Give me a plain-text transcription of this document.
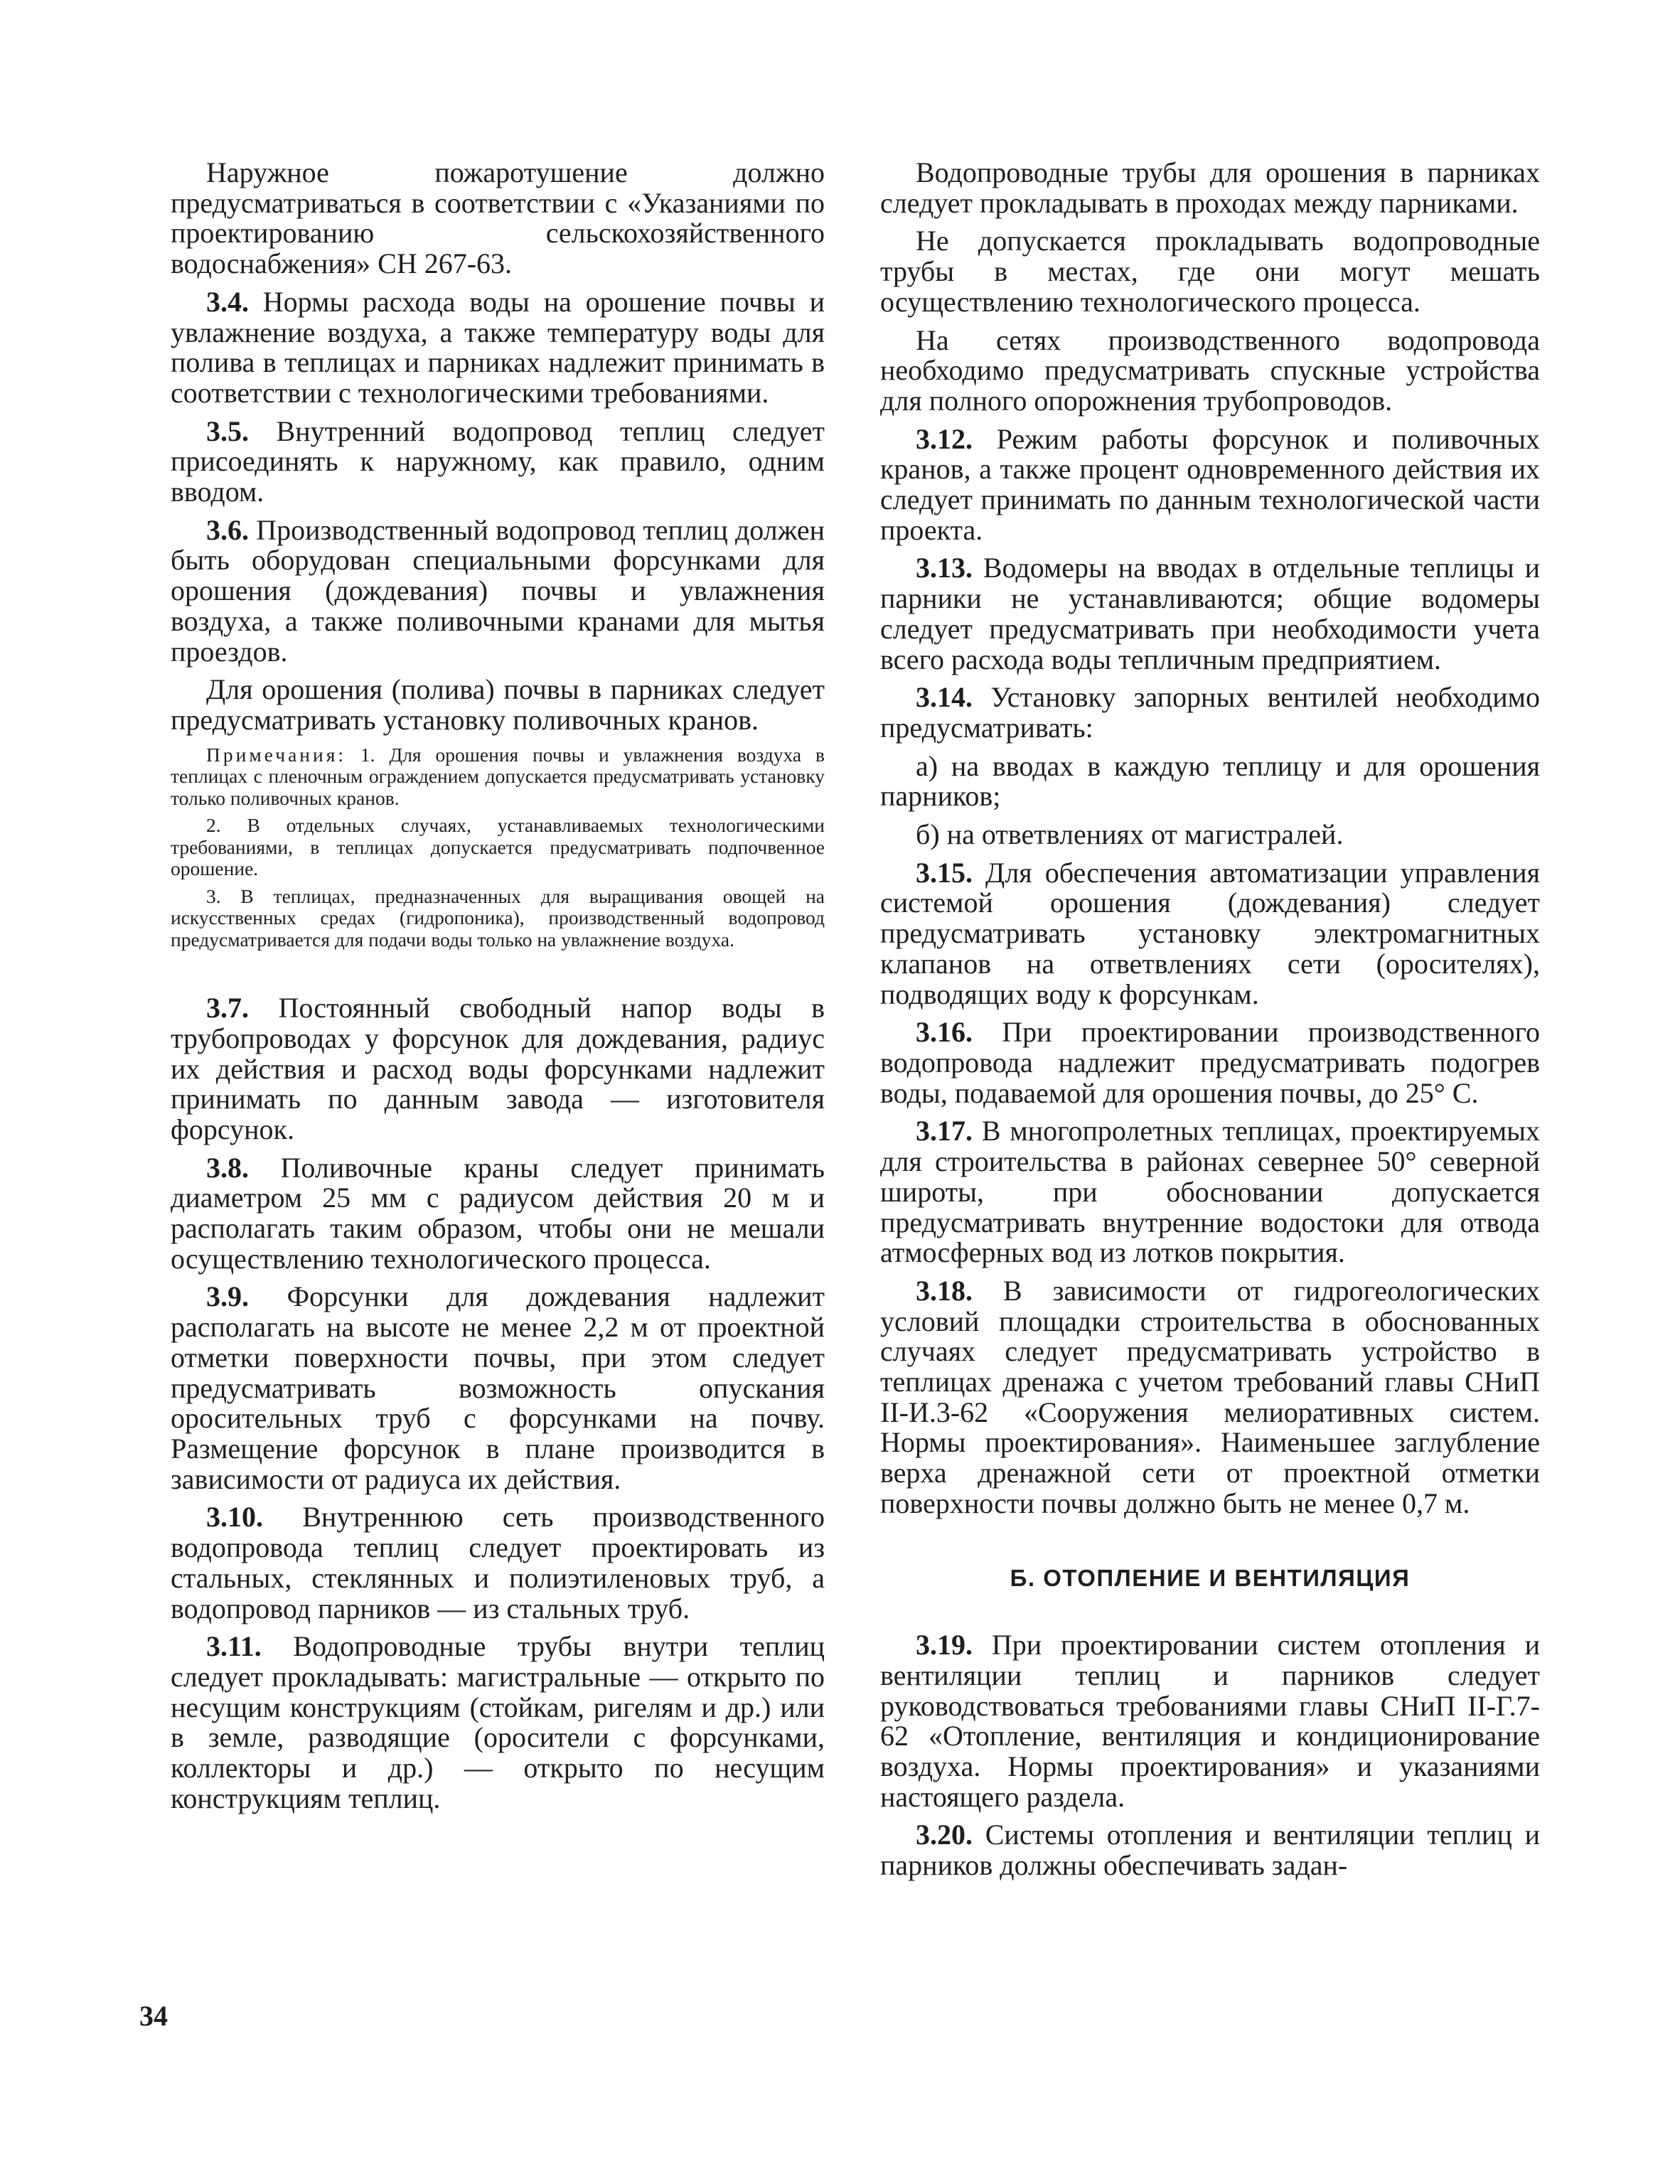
Наружное пожаротушение должно предусматриваться в соответствии с «Указаниями по проектированию сельскохозяйственного водоснабжения» СН 267-63.

3.4. Нормы расхода воды на орошение почвы и увлажнение воздуха, а также температуру воды для полива в теплицах и парниках надлежит принимать в соответствии с технологическими требованиями.

3.5. Внутренний водопровод теплиц следует присоединять к наружному, как правило, одним вводом.

3.6. Производственный водопровод теплиц должен быть оборудован специальными форсунками для орошения (дождевания) почвы и увлажнения воздуха, а также поливочными кранами для мытья проездов.

Для орошения (полива) почвы в парниках следует предусматривать установку поливочных кранов.

Примечания: 1. Для орошения почвы и увлажнения воздуха в теплицах с пленочным ограждением допускается предусматривать установку только поливочных кранов.

2. В отдельных случаях, устанавливаемых технологическими требованиями, в теплицах допускается предусматривать подпочвенное орошение.

3. В теплицах, предназначенных для выращивания овощей на искусственных средах (гидропоника), производственный водопровод предусматривается для подачи воды только на увлажнение воздуха.

3.7. Постоянный свободный напор воды в трубопроводах у форсунок для дождевания, радиус их действия и расход воды форсунками надлежит принимать по данным завода — изготовителя форсунок.

3.8. Поливочные краны следует принимать диаметром 25 мм с радиусом действия 20 м и располагать таким образом, чтобы они не мешали осуществлению технологического процесса.

3.9. Форсунки для дождевания надлежит располагать на высоте не менее 2,2 м от проектной отметки поверхности почвы, при этом следует предусматривать возможность опускания оросительных труб с форсунками на почву. Размещение форсунок в плане производится в зависимости от радиуса их действия.

3.10. Внутреннюю сеть производственного водопровода теплиц следует проектировать из стальных, стеклянных и полиэтиленовых труб, а водопровод парников — из стальных труб.

3.11. Водопроводные трубы внутри теплиц следует прокладывать: магистральные — открыто по несущим конструкциям (стойкам, ригелям и др.) или в земле, разводящие (оросители с форсунками, коллекторы и др.) — открыто по несущим конструкциям теплиц.

Водопроводные трубы для орошения в парниках следует прокладывать в проходах между парниками.

Не допускается прокладывать водопроводные трубы в местах, где они могут мешать осуществлению технологического процесса.

На сетях производственного водопровода необходимо предусматривать спускные устройства для полного опорожнения трубопроводов.

3.12. Режим работы форсунок и поливочных кранов, а также процент одновременного действия их следует принимать по данным технологической части проекта.

3.13. Водомеры на вводах в отдельные теплицы и парники не устанавливаются; общие водомеры следует предусматривать при необходимости учета всего расхода воды тепличным предприятием.

3.14. Установку запорных вентилей необходимо предусматривать:

а) на вводах в каждую теплицу и для орошения парников;

б) на ответвлениях от магистралей.

3.15. Для обеспечения автоматизации управления системой орошения (дождевания) следует предусматривать установку электромагнитных клапанов на ответвлениях сети (оросителях), подводящих воду к форсункам.

3.16. При проектировании производственного водопровода надлежит предусматривать подогрев воды, подаваемой для орошения почвы, до 25° С.

3.17. В многопролетных теплицах, проектируемых для строительства в районах севернее 50° северной широты, при обосновании допускается предусматривать внутренние водостоки для отвода атмосферных вод из лотков покрытия.

3.18. В зависимости от гидрогеологических условий площадки строительства в обоснованных случаях следует предусматривать устройство в теплицах дренажа с учетом требований главы СНиП II-И.3-62 «Сооружения мелиоративных систем. Нормы проектирования». Наименьшее заглубление верха дренажной сети от проектной отметки поверхности почвы должно быть не менее 0,7 м.

Б. ОТОПЛЕНИЕ И ВЕНТИЛЯЦИЯ

3.19. При проектировании систем отопления и вентиляции теплиц и парников следует руководствоваться требованиями главы СНиП II-Г.7-62 «Отопление, вентиляция и кондиционирование воздуха. Нормы проектирования» и указаниями настоящего раздела.

3.20. Системы отопления и вентиляции теплиц и парников должны обеспечивать задан-

34
